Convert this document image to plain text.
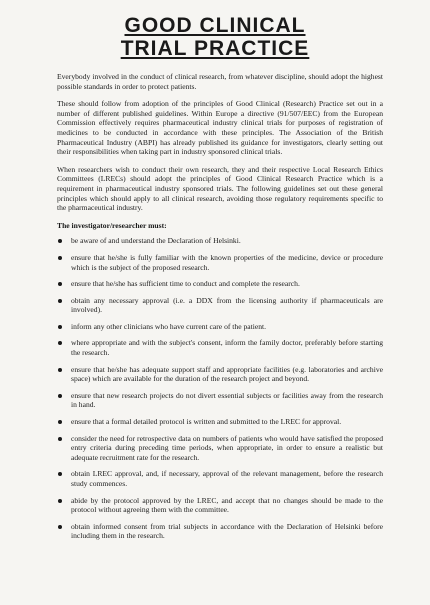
GOOD CLINICAL
TRIAL PRACTICE

Everybody involved in the conduct of clinical research, from whatever discipline, should adopt the highest possible standards in order to protect patients.

These should follow from adoption of the principles of Good Clinical (Research) Practice set out in a number of different published guidelines. Within Europe a directive (91/507/EEC) from the European Commission effectively requires pharmaceutical industry clinical trials for purposes of registration of medicines to be conducted in accordance with these principles. The Association of the British Pharmaceutical Industry (ABPI) has already published its guidance for investigators, clearly setting out their responsibilities when taking part in industry sponsored clinical trials.

When researchers wish to conduct their own research, they and their respective Local Research Ethics Committees (LRECs) should adopt the principles of Good Clinical Research Practice which is a requirement in pharmaceutical industry sponsored trials. The following guidelines set out these general principles which should apply to all clinical research, avoiding those regulatory requirements specific to the pharmaceutical industry.

The investigator/researcher must:

be aware of and understand the Declaration of Helsinki.
ensure that he/she is fully familiar with the known properties of the medicine, device or procedure which is the subject of the proposed research.
ensure that he/she has sufficient time to conduct and complete the research.
obtain any necessary approval (i.e. a DDX from the licensing authority if pharmaceuticals are involved).
inform any other clinicians who have current care of the patient.
where appropriate and with the subject's consent, inform the family doctor, preferably before starting the research.
ensure that he/she has adequate support staff and appropriate facilities (e.g. laboratories and archive space) which are available for the duration of the research project and beyond.
ensure that new research projects do not divert essential subjects or facilities away from the research in hand.
ensure that a formal detailed protocol is written and submitted to the LREC for approval.
consider the need for retrospective data on numbers of patients who would have satisfied the proposed entry criteria during preceding time periods, when appropriate, in order to ensure a realistic but adequate recruitment rate for the research.
obtain LREC approval, and, if necessary, approval of the relevant management, before the research study commences.
abide by the protocol approved by the LREC, and accept that no changes should be made to the protocol without agreeing them with the committee.
obtain informed consent from trial subjects in accordance with the Declaration of Helsinki before including them in the research.
